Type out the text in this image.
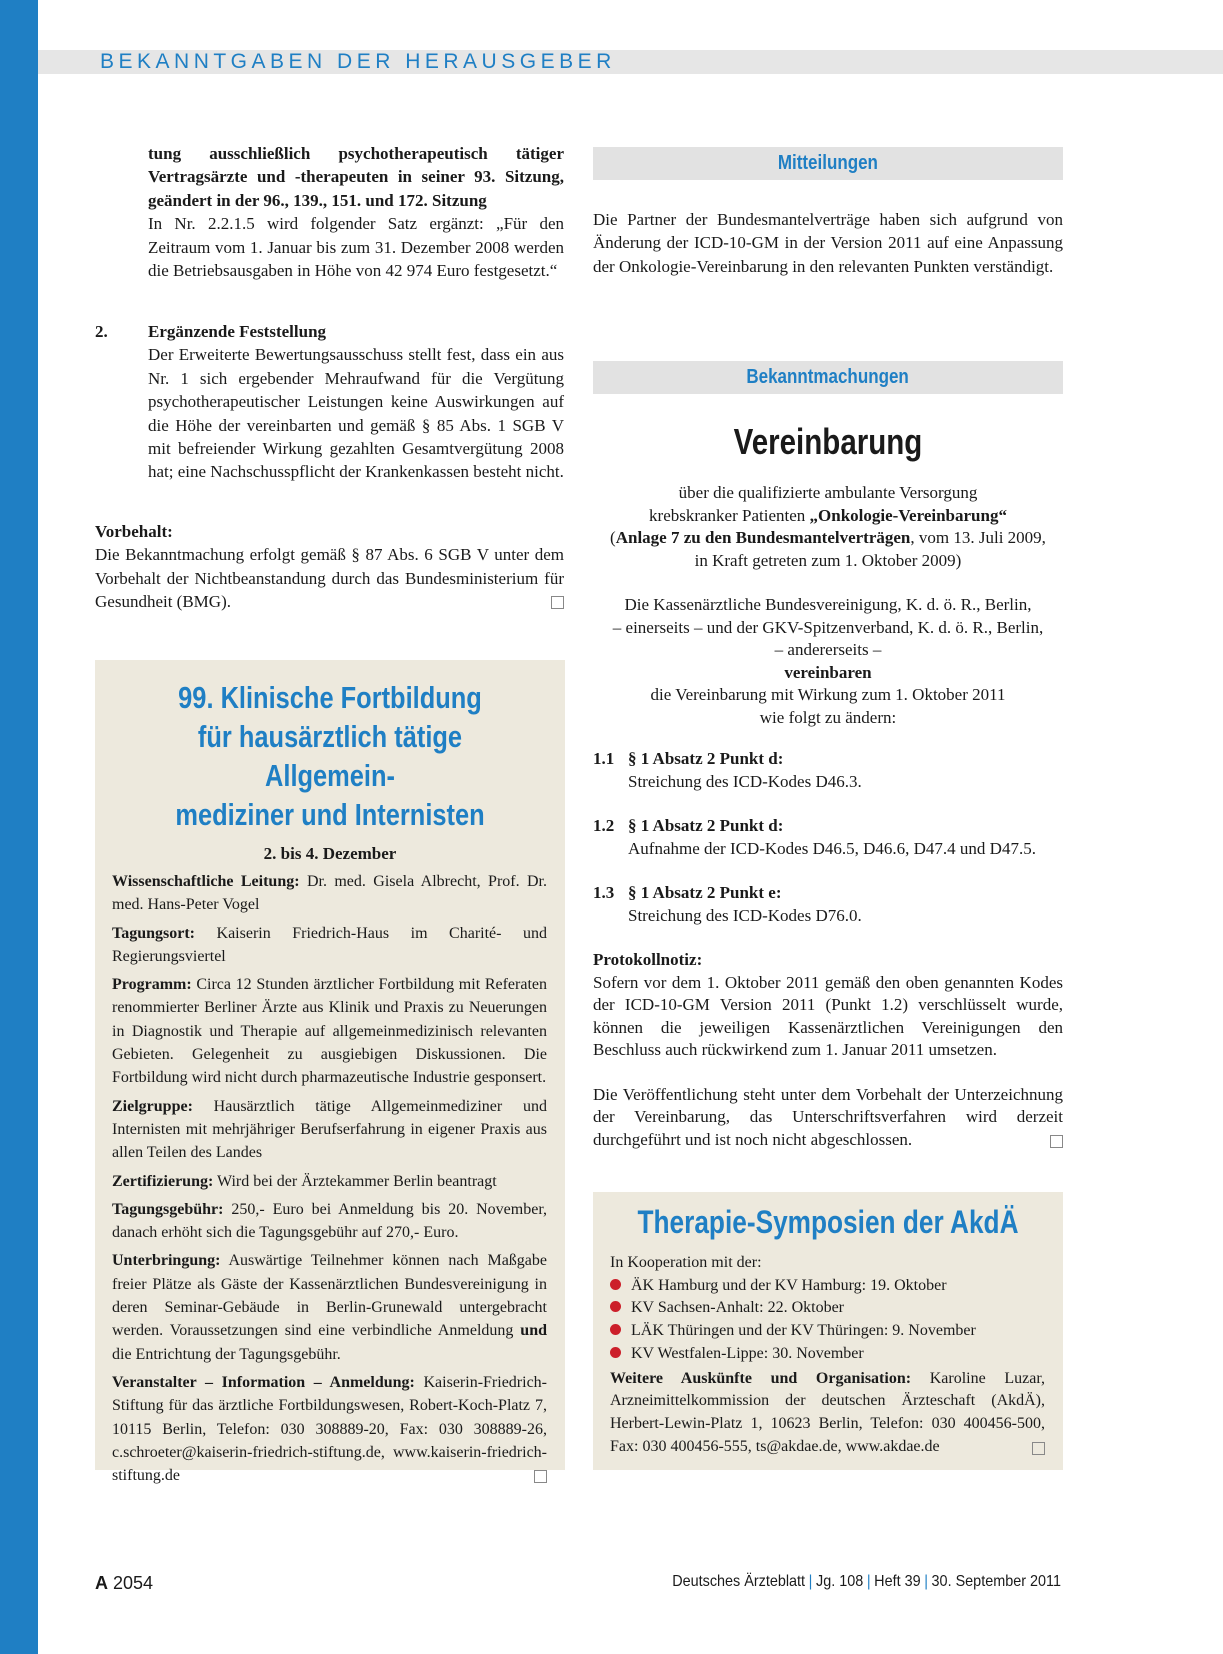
BEKANNTGABEN DER HERAUSGEBER

tung ausschließlich psychotherapeutisch tätiger Vertragsärzte und -therapeuten in seiner 93. Sitzung, geändert in der 96., 139., 151. und 172. Sitzung

In Nr. 2.2.1.5 wird folgender Satz ergänzt: „Für den Zeitraum vom 1. Januar bis zum 31. Dezember 2008 werden die Betriebsausgaben in Höhe von 42 974 Euro festgesetzt.“

2. Ergänzende Feststellung

Der Erweiterte Bewertungsausschuss stellt fest, dass ein aus Nr. 1 sich ergebender Mehraufwand für die Vergütung psychotherapeutischer Leistungen keine Auswirkungen auf die Höhe der vereinbarten und gemäß § 85 Abs. 1 SGB V mit befreiender Wirkung gezahlten Gesamtvergütung 2008 hat; eine Nachschusspflicht der Krankenkassen besteht nicht.

Vorbehalt:

Die Bekanntmachung erfolgt gemäß § 87 Abs. 6 SGB V unter dem Vorbehalt der Nichtbeanstandung durch das Bundesministerium für Gesundheit (BMG).

99. Klinische Fortbildung
für hausärztlich tätige Allgemein-
mediziner und Internisten
2. bis 4. Dezember

Wissenschaftliche Leitung: Dr. med. Gisela Albrecht, Prof. Dr. med. Hans-Peter Vogel

Tagungsort: Kaiserin Friedrich-Haus im Charité- und Regierungsviertel

Programm: Circa 12 Stunden ärztlicher Fortbildung mit Referaten renommierter Berliner Ärzte aus Klinik und Praxis zu Neuerungen in Diagnostik und Therapie auf allgemeinmedizinisch relevanten Gebieten. Gelegenheit zu ausgiebigen Diskussionen. Die Fortbildung wird nicht durch pharmazeutische Industrie gesponsert.

Zielgruppe: Hausärztlich tätige Allgemeinmediziner und Internisten mit mehrjähriger Berufserfahrung in eigener Praxis aus allen Teilen des Landes

Zertifizierung: Wird bei der Ärztekammer Berlin beantragt

Tagungsgebühr: 250,- Euro bei Anmeldung bis 20. November, danach erhöht sich die Tagungsgebühr auf 270,- Euro.

Unterbringung: Auswärtige Teilnehmer können nach Maßgabe freier Plätze als Gäste der Kassenärztlichen Bundesvereinigung in deren Seminar-Gebäude in Berlin-Grunewald untergebracht werden. Voraussetzungen sind eine verbindliche Anmeldung und die Entrichtung der Tagungsgebühr.

Veranstalter – Information – Anmeldung: Kaiserin-Friedrich-Stiftung für das ärztliche Fortbildungswesen, Robert-Koch-Platz 7, 10115 Berlin, Telefon: 030 308889-20, Fax: 030 308889-26, c.schroeter@kaiserin-friedrich-stiftung.de, www.kaiserin-friedrich-stiftung.de

Mitteilungen

Die Partner der Bundesmantelverträge haben sich aufgrund von Änderung der ICD-10-GM in der Version 2011 auf eine Anpassung der Onkologie-Vereinbarung in den relevanten Punkten verständigt.

Bekanntmachungen
Vereinbarung
über die qualifizierte ambulante Versorgung
krebskranker Patienten „Onkologie-Vereinbarung“
(Anlage 7 zu den Bundesmantelverträgen, vom 13. Juli 2009,
in Kraft getreten zum 1. Oktober 2009)
Die Kassenärztliche Bundesvereinigung, K. d. ö. R., Berlin,
– einerseits – und der GKV-Spitzenverband, K. d. ö. R., Berlin,
– andererseits –
vereinbaren
die Vereinbarung mit Wirkung zum 1. Oktober 2011
wie folgt zu ändern:
1.1 § 1 Absatz 2 Punkt d:
Streichung des ICD-Kodes D46.3.
1.2 § 1 Absatz 2 Punkt d:
Aufnahme der ICD-Kodes D46.5, D46.6, D47.4 und D47.5.
1.3 § 1 Absatz 2 Punkt e:
Streichung des ICD-Kodes D76.0.

Protokollnotiz:

Sofern vor dem 1. Oktober 2011 gemäß den oben genannten Kodes der ICD-10-GM Version 2011 (Punkt 1.2) verschlüsselt wurde, können die jeweiligen Kassenärztlichen Vereinigungen den Beschluss auch rückwirkend zum 1. Januar 2011 umsetzen.

Die Veröffentlichung steht unter dem Vorbehalt der Unterzeichnung der Vereinbarung, das Unterschriftsverfahren wird derzeit durchgeführt und ist noch nicht abgeschlossen.

Therapie-Symposien der AkdÄ

In Kooperation mit der:

ÄK Hamburg und der KV Hamburg: 19. Oktober

KV Sachsen-Anhalt: 22. Oktober

LÄK Thüringen und der KV Thüringen: 9. November

KV Westfalen-Lippe: 30. November

Weitere Auskünfte und Organisation: Karoline Luzar, Arzneimittelkommission der deutschen Ärzteschaft (AkdÄ), Herbert-Lewin-Platz 1, 10623 Berlin, Telefon: 030 400456-500, Fax: 030 400456-555, ts@akdae.de, www.akdae.de

A 2054	Deutsches Ärzteblatt | Jg. 108 | Heft 39 | 30. September 2011
